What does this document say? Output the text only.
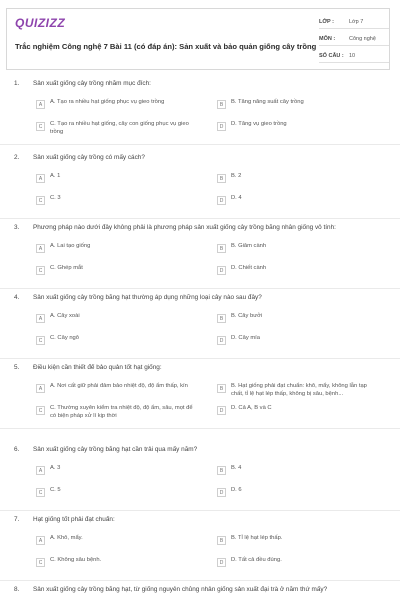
QUIZIZZ
Trắc nghiệm Công nghệ 7 Bài 11 (có đáp án): Sản xuất và bảo quản giống cây trồng
LỚP :	Lớp 7
MÔN :	Công nghệ
SỐ CÂU : 10
1. Sản xuất giống cây trồng nhằm mục đích:
A	A. Tạo ra nhiều hạt giống phục vụ gieo trồng	B	B. Tăng năng suất cây trồng
C	C. Tạo ra nhiều hạt giống, cây con giống phục vụ gieo trồng
D	D. Tăng vụ gieo trồng
2. Sản xuất giống cây trồng có mấy cách?
A	A. 1	B	B. 2
C	C. 3	D	D. 4
3. Phương pháp nào dưới đây không phải là phương pháp sản xuất giống cây trồng bằng nhân giống vô tính:
A	A. Lai tạo giống	B	B. Giâm cành
C	C. Ghép mắt	D	D. Chiết cành
4. Sản xuất giống cây trồng bằng hạt thường áp dụng những loại cây nào sau đây?
A	A. Cây xoài	B	B. Cây bưởi
C	C. Cây ngô	D	D. Cây mía
5. Điều kiện cần thiết để bảo quản tốt hạt giống:
A	A. Nơi cất giữ phải đảm bảo nhiệt độ, độ ẩm thấp, kín	B	B. Hạt giống phải đạt chuẩn: khô, mẩy, không lẫn tạp chất, tỉ lệ hạt lép thấp, không bị sâu, bệnh...
C	C. Thường xuyên kiểm tra nhiệt độ, độ ẩm, sâu, mọt để có biện pháp xử lí kịp thời
D	D. Cả A, B và C
6. Sản xuất giống cây trồng bằng hạt cần trải qua mấy năm?
A	A. 3	B	B. 4
C	C. 5	D	D. 6
7. Hạt giống tốt phải đạt chuẩn:
A	A. Khô, mẩy.	B	B. Tỉ lệ hạt lép thấp.
C	C. Không sâu bệnh.	D	D. Tất cả đều đúng.
8. Sản xuất giống cây trồng bằng hạt, từ giống nguyên chủng nhân giống sản xuất đại trà ở năm thứ mấy?
